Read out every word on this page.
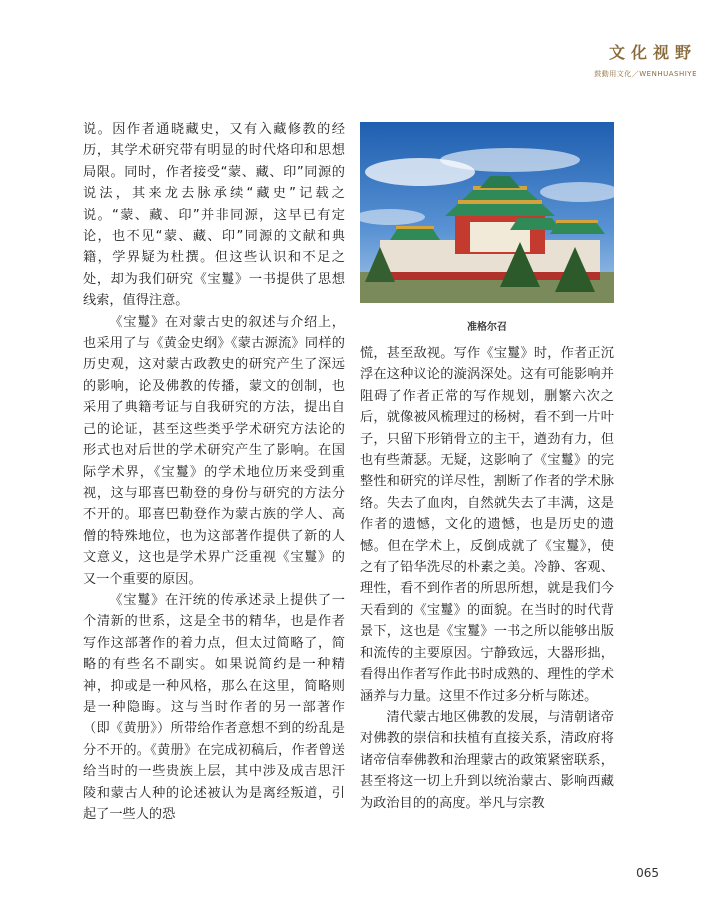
文化视野
鼓動用文化／WENHUASHIYE

说。因作者通晓藏史，又有入藏修教的经历，其学术研究带有明显的时代烙印和思想局限。同时，作者接受“蒙、藏、印”同源的说法，其来龙去脉承续“藏史”记载之说。“蒙、藏、印”并非同源，这早已有定论，也不见“蒙、藏、印”同源的文献和典籍，学界疑为杜撰。但这些认识和不足之处，却为我们研究《宝鬘》一书提供了思想线索，值得注意。

《宝鬘》在对蒙古史的叙述与介绍上，也采用了与《黄金史纲》《蒙古源流》同样的历史观，这对蒙古政教史的研究产生了深远的影响，论及佛教的传播，蒙文的创制，也采用了典籍考证与自我研究的方法，提出自己的论证，甚至这些类乎学术研究方法论的形式也对后世的学术研究产生了影响。在国际学术界，《宝鬘》的学术地位历来受到重视，这与耶喜巴勒登的身份与研究的方法分不开的。耶喜巴勒登作为蒙古族的学人、高僧的特殊地位，也为这部著作提供了新的人文意义，这也是学术界广泛重视《宝鬘》的又一个重要的原因。

《宝鬘》在汗统的传承述录上提供了一个清新的世系，这是全书的精华，也是作者写作这部著作的着力点，但太过简略了，简略的有些名不副实。如果说简约是一种精神，抑或是一种风格，那么在这里，简略则是一种隐晦。这与当时作者的另一部著作（即《黄册》）所带给作者意想不到的纷乱是分不开的。《黄册》在完成初稿后，作者曾送给当时的一些贵族上层，其中涉及成吉思汗陵和蒙古人种的论述被认为是离经叛道，引起了一些人的恐

准格尔召

慌，甚至敌视。写作《宝鬘》时，作者正沉浮在这种议论的漩涡深处。这有可能影响并阻碍了作者正常的写作规划，删繁六次之后，就像被风梳理过的杨树，看不到一片叶子，只留下形销骨立的主干，遒劲有力，但也有些萧瑟。无疑，这影响了《宝鬘》的完整性和研究的详尽性，割断了作者的学术脉络。失去了血肉，自然就失去了丰满，这是作者的遗憾，文化的遗憾，也是历史的遗憾。但在学术上，反倒成就了《宝鬘》，使之有了铅华洗尽的朴素之美。冷静、客观、理性，看不到作者的所思所想，就是我们今天看到的《宝鬘》的面貌。在当时的时代背景下，这也是《宝鬘》一书之所以能够出版和流传的主要原因。宁静致远，大器形拙，看得出作者写作此书时成熟的、理性的学术涵养与力量。这里不作过多分析与陈述。

清代蒙古地区佛教的发展，与清朝诸帝对佛教的崇信和扶植有直接关系，清政府将诸帝信奉佛教和治理蒙古的政策紧密联系，甚至将这一切上升到以统治蒙古、影响西藏为政治目的的高度。举凡与宗教

065
